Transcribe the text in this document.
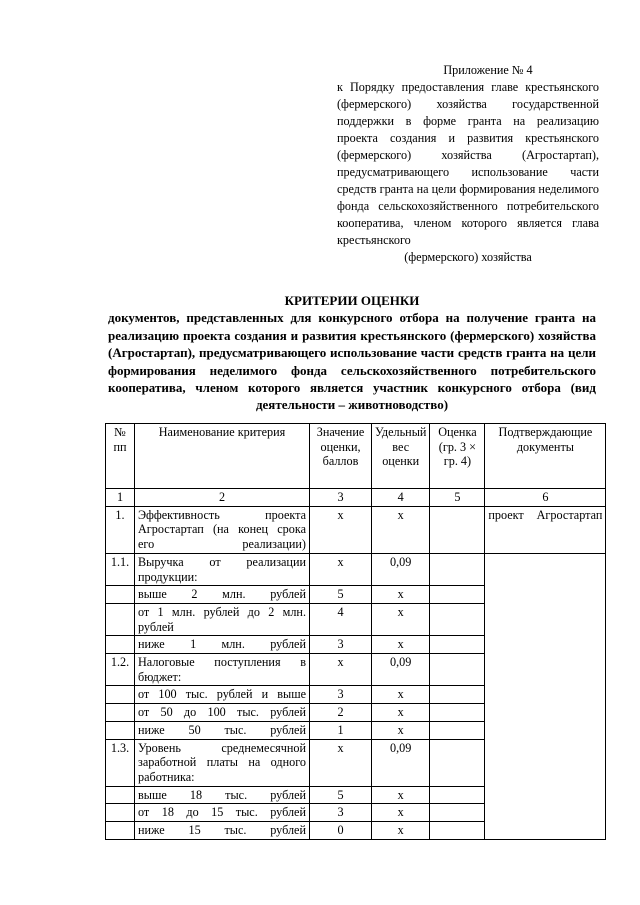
Приложение № 4
к Порядку предоставления главе крестьянского (фермерского) хозяйства государственной поддержки в форме гранта на реализацию проекта создания и развития крестьянского (фермерского) хозяйства (Агростартап), предусматривающего использование части средств гранта на цели формирования неделимого фонда сельскохозяйственного потребительского кооператива, членом которого является глава крестьянского
(фермерского) хозяйства
КРИТЕРИИ ОЦЕНКИ
документов, представленных для конкурсного отбора на получение гранта на реализацию проекта создания и развития крестьянского (фермерского) хозяйства (Агростартап), предусматривающего использование части средств гранта на цели формирования неделимого фонда сельскохозяйственного потребительского кооператива, членом которого является участник конкурсного отбора (вид деятельности – животноводство)
№ пп	Наименование критерия	Значение оценки, баллов	Удельный вес оценки	Оценка (гр. 3 × гр. 4)	Подтверждающие документы
1	2	3	4	5	6
1.	Эффективность проекта Агростартап (на конец срока его реализации)	х	х		проект Агростартап
1.1.	Выручка от реализации продукции:	х	0,09		
	выше 2 млн. рублей	5	х		
	от 1 млн. рублей до 2 млн. рублей	4	х		
	ниже 1 млн. рублей	3	х		
1.2.	Налоговые поступления в бюджет:	х	0,09		
	от 100 тыс. рублей и выше	3	х		
	от 50 до 100 тыс. рублей	2	х		
	ниже 50 тыс. рублей	1	х		
1.3.	Уровень среднемесячной заработной платы на одного работника:	х	0,09		
	выше 18 тыс. рублей	5	х		
	от 18 до 15 тыс. рублей	3	х		
	ниже 15 тыс. рублей	0	х		
